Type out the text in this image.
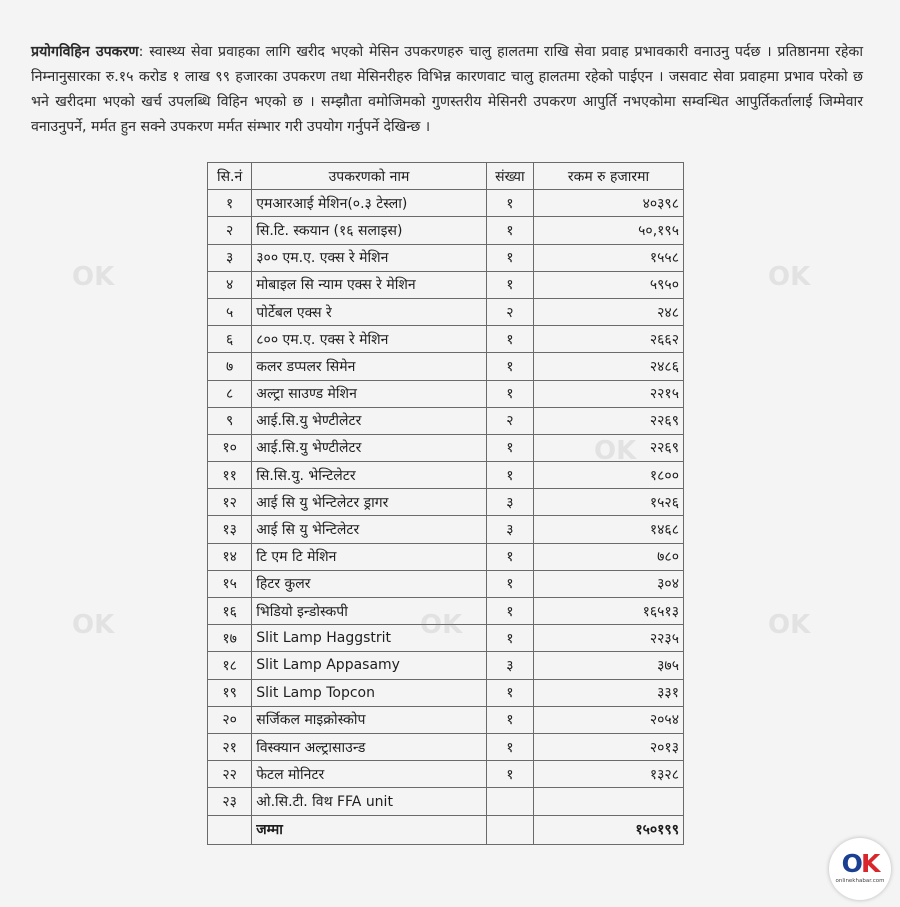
प्रयोगविहिन उपकरण: स्वास्थ्य सेवा प्रवाहका लागि खरीद भएको मेसिन उपकरणहरु चालु हालतमा राखि सेवा प्रवाह प्रभावकारी वनाउनु पर्दछ । प्रतिष्ठानमा रहेका निम्नानुसारका रु.१५ करोड १ लाख ९९ हजारका उपकरण तथा मेसिनरीहरु विभिन्न कारणवाट चालु हालतमा रहेको पाईएन । जसवाट सेवा प्रवाहमा प्रभाव परेको छ भने खरीदमा भएको खर्च उपलब्धि विहिन भएको छ । सम्झौता वमोजिमको गुणस्तरीय मेसिनरी उपकरण आपुर्ति नभएकोमा सम्वन्धित आपुर्तिकर्तालाई जिम्मेवार वनाउनुपर्ने, मर्मत हुन सक्ने उपकरण मर्मत संम्भार गरी उपयोग गर्नुपर्ने देखिन्छ ।
सि.नं	उपकरणको नाम	संख्या	रकम रु हजारमा
१	एमआरआई मेशिन(०.३ टेस्ला)	१	४०३९८
२	सि.टि. स्कयान (१६ सलाइस)	१	५०,१९५
३	३०० एम.ए. एक्स रे मेशिन	१	१५५८
४	मोबाइल सि न्याम एक्स रे मेशिन	१	५९५०
५	पोर्टेबल एक्स रे	२	२४८
६	८०० एम.ए. एक्स रे मेशिन	१	२६६२
७	कलर डप्पलर सिमेन	१	२४८६
८	अल्ट्रा साउण्ड मेशिन	१	२२१५
९	आई.सि.यु भेण्टीलेटर	२	२२६९
१०	आई.सि.यु भेण्टीलेटर	१	२२६९
११	सि.सि.यु. भेन्टिलेटर	१	१८००
१२	आई सि यु भेन्टिलेटर ड्रागर	३	१५२६
१३	आई सि यु भेन्टिलेटर	३	१४६८
१४	टि एम टि मेशिन	१	७८०
१५	हिटर कुलर	१	३०४
१६	भिडियो इन्डोस्कपी	१	१६५१३
१७	Slit Lamp Haggstrit	१	२२३५
१८	Slit Lamp Appasamy	३	३७५
१९	Slit Lamp Topcon	१	३३१
२०	सर्जिकल माइक्रोस्कोप	१	२०५४
२१	विस्क्यान अल्ट्रासाउन्ड	१	२०१३
२२	फेटल मोनिटर	१	१३२८
२३	ओ.सि.टी. विथ FFA unit		
	जम्मा		१५०१९९
OK	OK
OK
OK	OK	OK
OK
onlinekhabar.com
